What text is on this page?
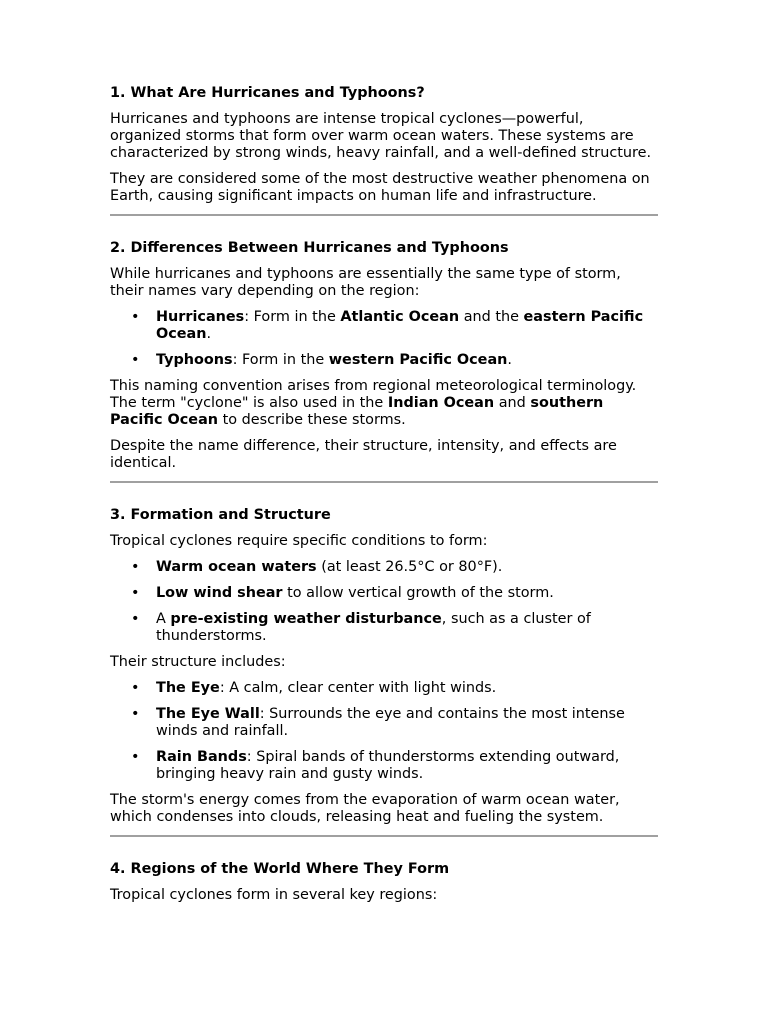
1. What Are Hurricanes and Typhoons?

Hurricanes and typhoons are intense tropical cyclones—powerful, organized storms that form over warm ocean waters. These systems are characterized by strong winds, heavy rainfall, and a well-defined structure.

They are considered some of the most destructive weather phenomena on Earth, causing significant impacts on human life and infrastructure.

2. Differences Between Hurricanes and Typhoons

While hurricanes and typhoons are essentially the same type of storm, their names vary depending on the region:

• Hurricanes: Form in the Atlantic Ocean and the eastern Pacific Ocean.
• Typhoons: Form in the western Pacific Ocean.

This naming convention arises from regional meteorological terminology. The term "cyclone" is also used in the Indian Ocean and southern Pacific Ocean to describe these storms.

Despite the name difference, their structure, intensity, and effects are identical.

3. Formation and Structure

Tropical cyclones require specific conditions to form:

• Warm ocean waters (at least 26.5°C or 80°F).
• Low wind shear to allow vertical growth of the storm.
• A pre-existing weather disturbance, such as a cluster of thunderstorms.

Their structure includes:

• The Eye: A calm, clear center with light winds.
• The Eye Wall: Surrounds the eye and contains the most intense winds and rainfall.
• Rain Bands: Spiral bands of thunderstorms extending outward, bringing heavy rain and gusty winds.

The storm's energy comes from the evaporation of warm ocean water, which condenses into clouds, releasing heat and fueling the system.

4. Regions of the World Where They Form

Tropical cyclones form in several key regions:
